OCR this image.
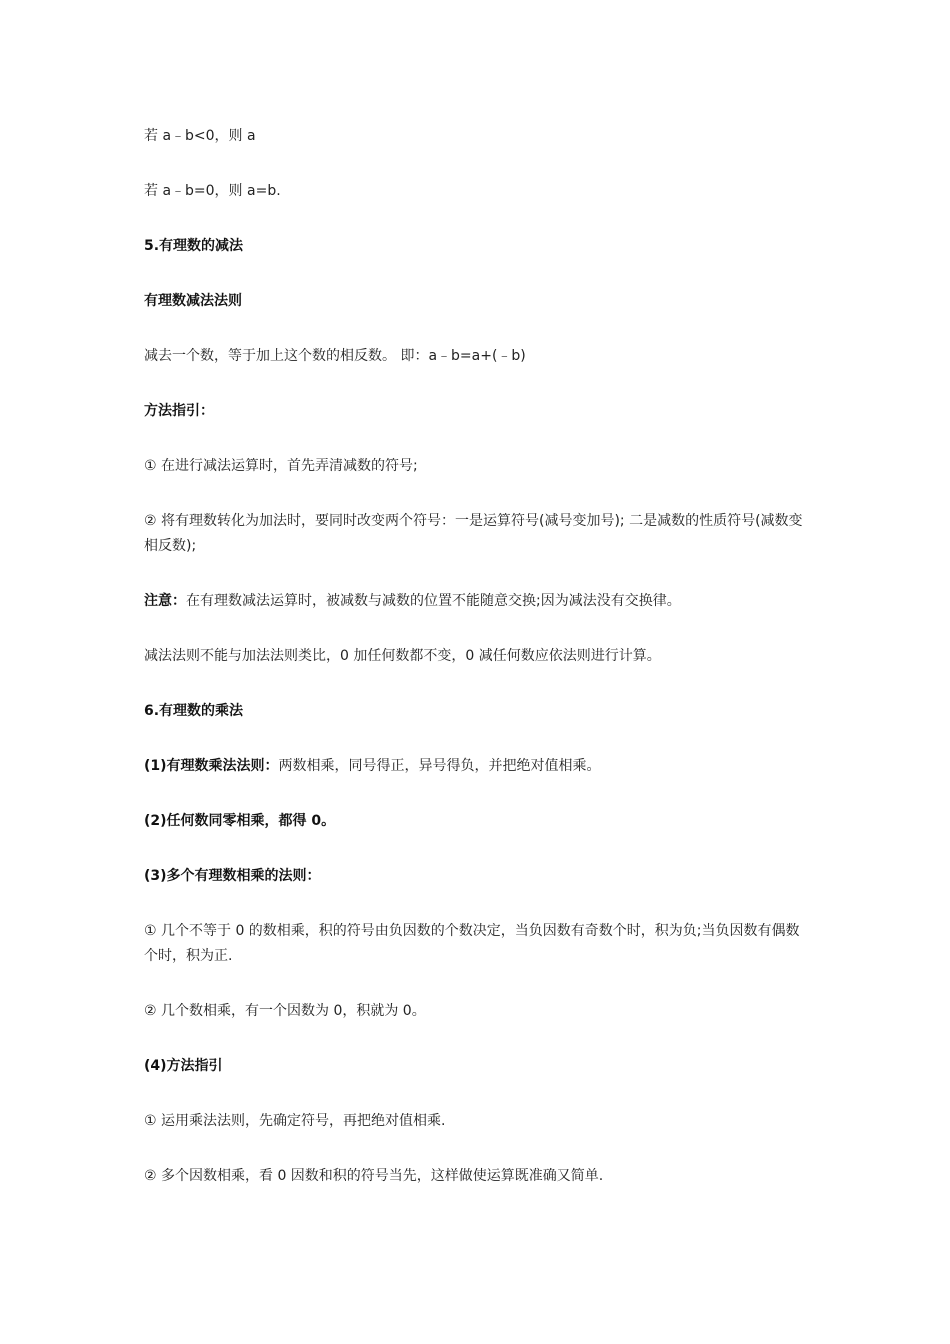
若 a﹣b<0，则 a

若 a﹣b=0，则 a=b.

5.有理数的减法

有理数减法法则

减去一个数，等于加上这个数的相反数。 即：a﹣b=a+(﹣b)

方法指引：

① 在进行减法运算时，首先弄清减数的符号;

② 将有理数转化为加法时，要同时改变两个符号：一是运算符号(减号变加号); 二是减数的性质符号(减数变相反数);

注意：在有理数减法运算时，被减数与减数的位置不能随意交换;因为减法没有交换律。

减法法则不能与加法法则类比，0 加任何数都不变，0 减任何数应依法则进行计算。

6.有理数的乘法

(1)有理数乘法法则：两数相乘，同号得正，异号得负，并把绝对值相乘。

(2)任何数同零相乘，都得 0。

(3)多个有理数相乘的法则：

① 几个不等于 0 的数相乘，积的符号由负因数的个数决定，当负因数有奇数个时，积为负;当负因数有偶数个时，积为正.

② 几个数相乘，有一个因数为 0，积就为 0。

(4)方法指引

① 运用乘法法则，先确定符号，再把绝对值相乘.

② 多个因数相乘，看 0 因数和积的符号当先，这样做使运算既准确又简单.
